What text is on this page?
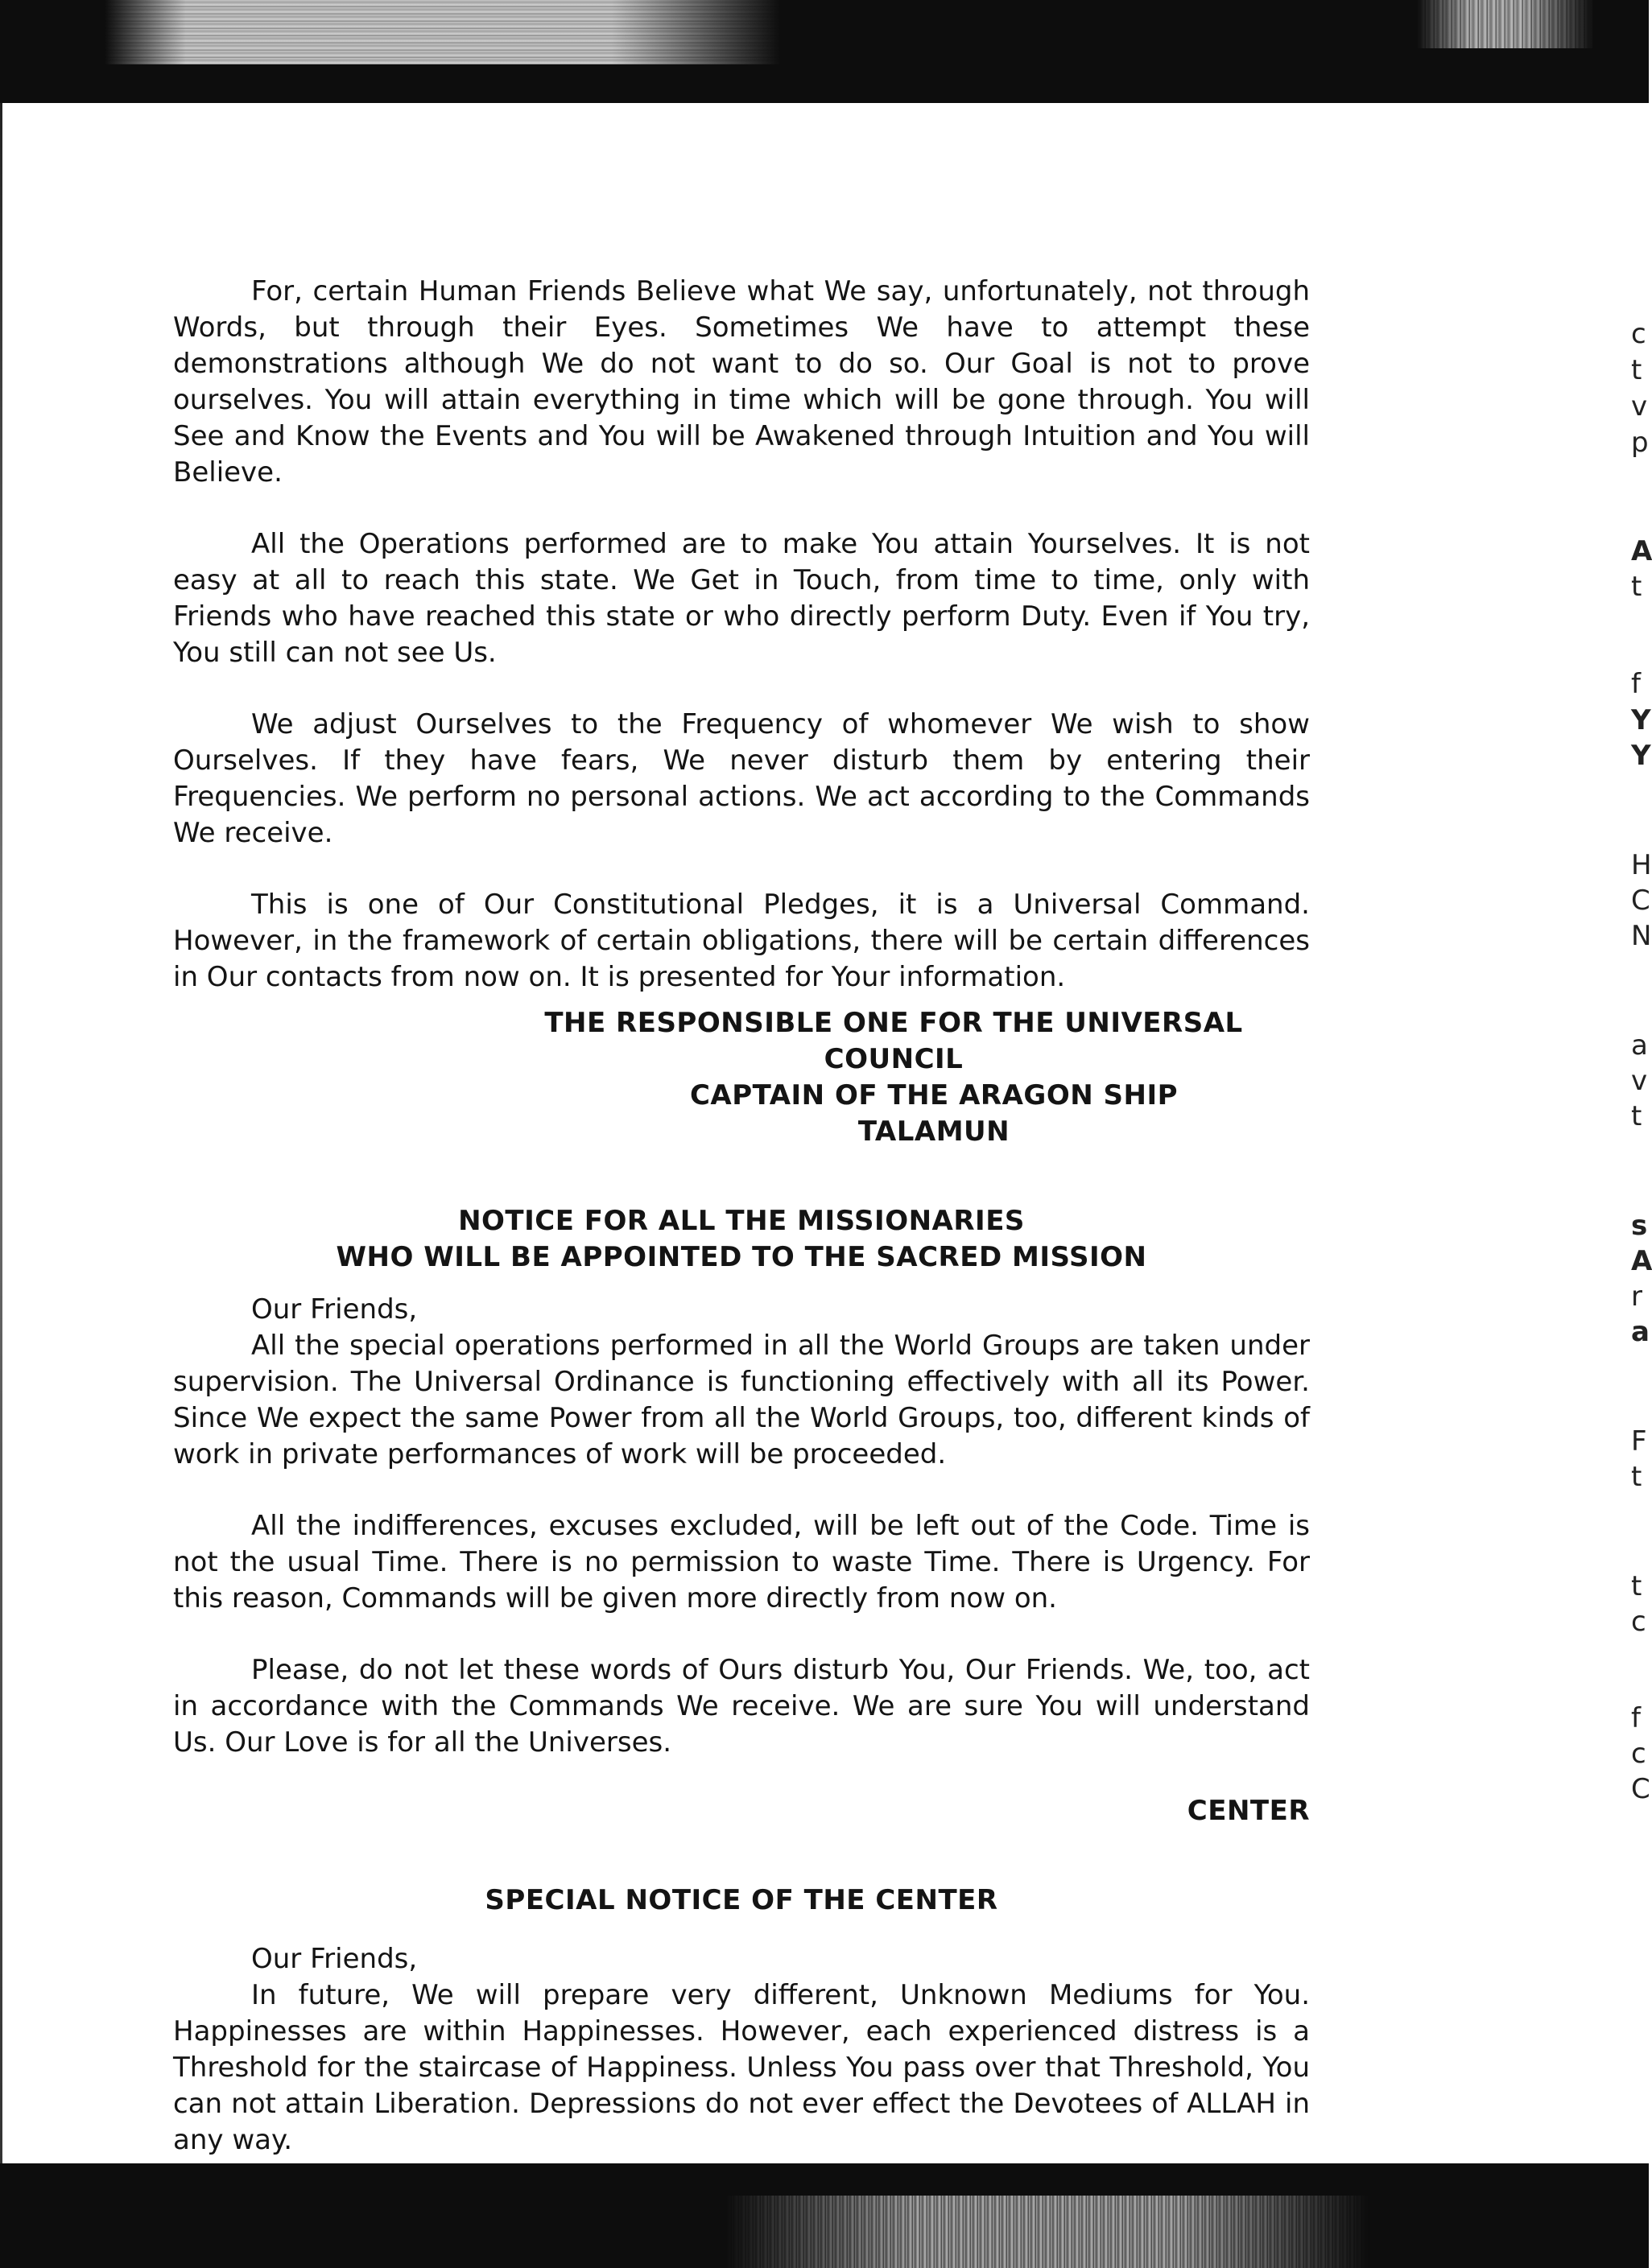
For, certain Human Friends Believe what We say, unfortunately, not through Words, but through their Eyes. Sometimes We have to attempt these demonstrations although We do not want to do so. Our Goal is not to prove ourselves. You will attain everything in time which will be gone through. You will See and Know the Events and You will be Awakened through Intuition and You will Believe.

All the Operations performed are to make You attain Yourselves. It is not easy at all to reach this state. We Get in Touch, from time to time, only with Friends who have reached this state or who directly perform Duty. Even if You try, You still can not see Us.

We adjust Ourselves to the Frequency of whomever We wish to show Ourselves. If they have fears, We never disturb them by entering their Frequencies. We perform no personal actions. We act according to the Commands We receive.

This is one of Our Constitutional Pledges, it is a Universal Command. However, in the framework of certain obligations, there will be certain differences in Our contacts from now on. It is presented for Your information.

THE RESPONSIBLE ONE FOR THE UNIVERSAL COUNCIL
CAPTAIN OF THE ARAGON SHIP
TALAMUN
NOTICE FOR ALL THE MISSIONARIES
WHO WILL BE APPOINTED TO THE SACRED MISSION

Our Friends,

All the special operations performed in all the World Groups are taken under supervision. The Universal Ordinance is functioning effectively with all its Power. Since We expect the same Power from all the World Groups, too, different kinds of work in private performances of work will be proceeded.

All the indifferences, excuses excluded, will be left out of the Code. Time is not the usual Time. There is no permission to waste Time. There is Urgency. For this reason, Commands will be given more directly from now on.

Please, do not let these words of Ours disturb You, Our Friends. We, too, act in accordance with the Commands We receive. We are sure You will understand Us. Our Love is for all the Universes.

CENTER
SPECIAL NOTICE OF THE CENTER

Our Friends,

In future, We will prepare very different, Unknown Mediums for You. Happinesses are within Happinesses. However, each experienced distress is a Threshold for the staircase of Happiness. Unless You pass over that Threshold, You can not attain Liberation. Depressions do not ever effect the Devotees of ALLAH in any way.

c
t
v
p
A
t
f
Y
Y
H
C
N
a
v
t
s
A
r
a
F
t
t
c
f
c
C
